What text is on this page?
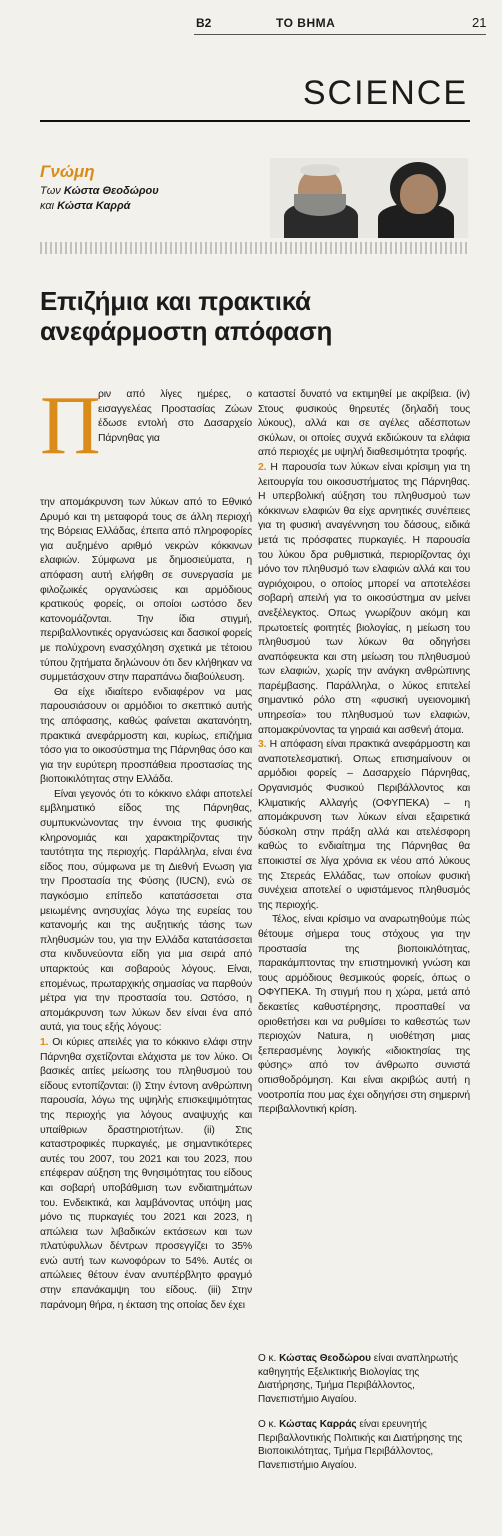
B2	ΤΟ ΒΗΜΑ	21
SCIENCE
Γνώμη
Των Κώστα Θεοδώρου
και Κώστα Καρρά
Επιζήμια και πρακτικά ανεφάρμοστη απόφαση
Π

ριν από λίγες ημέρες, ο εισαγγελέας Προστασίας Ζώων έδωσε εντολή στο Δασαρχείο Πάρνηθας για

την απομάκρυνση των λύκων από το Εθνικό Δρυμό και τη μεταφορά τους σε άλλη περιοχή της Βόρειας Ελλάδας, έπειτα από πληροφορίες για αυξημένο αριθμό νεκρών κόκκινων ελαφιών. Σύμφωνα με δημοσιεύματα, η απόφαση αυτή ελήφθη σε συνεργασία με φιλοζωικές οργανώσεις και αρμόδιους κρατικούς φορείς, οι οποίοι ωστόσο δεν κατονομάζονται. Την ίδια στιγμή, περιβαλλοντικές οργανώσεις και δασικοί φορείς με πολύχρονη ενασχόληση σχετικά με τέτοιου τύπου ζητήματα δηλώνουν ότι δεν κλήθηκαν να συμμετάσχουν στην παραπάνω διαβούλευση.

Θα είχε ιδιαίτερο ενδιαφέρον να μας παρουσιάσουν οι αρμόδιοι το σκεπτικό αυτής της απόφασης, καθώς φαίνεται ακατανόητη, πρακτικά ανεφάρμοστη και, κυρίως, επιζήμια τόσο για το οικοσύστημα της Πάρνηθας όσο και για την ευρύτερη προσπάθεια προστασίας της βιοποικιλότητας στην Ελλάδα.

Είναι γεγονός ότι το κόκκινο ελάφι αποτελεί εμβληματικό είδος της Πάρνηθας, συμπυκνώνοντας την έννοια της φυσικής κληρονομιάς και χαρακτηρίζοντας την ταυτότητα της περιοχής. Παράλληλα, είναι ένα είδος που, σύμφωνα με τη Διεθνή Ενωση για την Προστασία της Φύσης (IUCN), ενώ σε παγκόσμιο επίπεδο κατατάσσεται στα μειωμένης ανησυχίας λόγω της ευρείας του κατανομής και της αυξητικής τάσης των πληθυσμών του, για την Ελλάδα κατατάσσεται στα κινδυνεύοντα είδη για μια σειρά από υπαρκτούς και σοβαρούς λόγους. Είναι, επομένως, πρωταρχικής σημασίας να παρθούν μέτρα για την προστασία του. Ωστόσο, η απομάκρυνση των λύκων δεν είναι ένα από αυτά, για τους εξής λόγους:

1. Οι κύριες απειλές για το κόκκινο ελάφι στην Πάρνηθα σχετίζονται ελάχιστα με τον λύκο. Οι βασικές αιτίες μείωσης του πληθυσμού του είδους εντοπίζονται: (i) Στην έντονη ανθρώπινη παρουσία, λόγω της υψηλής επισκεψιμότητας της περιοχής για λόγους αναψυχής και υπαίθριων δραστηριοτήτων. (ii) Στις καταστροφικές πυρκαγιές, με σημαντικότερες αυτές του 2007, του 2021 και του 2023, που επέφεραν αύξηση της θνησιμότητας του είδους και σοβαρή υποβάθμιση των ενδιαιτημάτων του. Ενδεικτικά, και λαμβάνοντας υπόψη μας μόνο τις πυρκαγιές του 2021 και 2023, η απώλεια των λιβαδικών εκτάσεων και των πλατύφυλλων δέντρων προσεγγίζει το 35% ενώ αυτή των κωνοφόρων το 54%. Αυτές οι απώλειες θέτουν έναν ανυπέρβλητο φραγμό στην επανάκαμψη του είδους. (iii) Στην παράνομη θήρα, η έκταση της οποίας δεν έχει

καταστεί δυνατό να εκτιμηθεί με ακρίβεια. (iv) Στους φυσικούς θηρευτές (δηλαδή τους λύκους), αλλά και σε αγέλες αδέσποτων σκύλων, οι οποίες συχνά εκδιώκουν τα ελάφια από περιοχές με υψηλή διαθεσιμότητα τροφής.

2. Η παρουσία των λύκων είναι κρίσιμη για τη λειτουργία του οικοσυστήματος της Πάρνηθας. Η υπερβολική αύξηση του πληθυσμού των κόκκινων ελαφιών θα είχε αρνητικές συνέπειες για τη φυσική αναγέννηση του δάσους, ειδικά μετά τις πρόσφατες πυρκαγιές. Η παρουσία του λύκου δρα ρυθμιστικά, περιορίζοντας όχι μόνο τον πληθυσμό των ελαφιών αλλά και του αγριόχοιρου, ο οποίος μπορεί να αποτελέσει σοβαρή απειλή για το οικοσύστημα αν μείνει ανεξέλεγκτος. Οπως γνωρίζουν ακόμη και πρωτοετείς φοιτητές βιολογίας, η μείωση του πληθυσμού των λύκων θα οδηγήσει αναπόφευκτα και στη μείωση του πληθυσμού των ελαφιών, χωρίς την ανάγκη ανθρώπινης παρέμβασης. Παράλληλα, ο λύκος επιτελεί σημαντικό ρόλο στη «φυσική υγειονομική υπηρεσία» του πληθυσμού των ελαφιών, απομακρύνοντας τα γηραιά και ασθενή άτομα.

3. Η απόφαση είναι πρακτικά ανεφάρμοστη και αναποτελεσματική. Οπως επισημαίνουν οι αρμόδιοι φορείς – Δασαρχείο Πάρνηθας, Οργανισμός Φυσικού Περιβάλλοντος και Κλιματικής Αλλαγής (ΟΦΥΠΕΚΑ) – η απομάκρυνση των λύκων είναι εξαιρετικά δύσκολη στην πράξη αλλά και ατελέσφορη καθώς το ενδιαίτημα της Πάρνηθας θα εποικιστεί σε λίγα χρόνια εκ νέου από λύκους της Στερεάς Ελλάδας, των οποίων φυσική συνέχεια αποτελεί ο υφιστάμενος πληθυσμός της περιοχής.

Τέλος, είναι κρίσιμο να αναρωτηθούμε πώς θέτουμε σήμερα τους στόχους για την προστασία της βιοποικιλότητας, παρακάμπτοντας την επιστημονική γνώση και τους αρμόδιους θεσμικούς φορείς, όπως ο ΟΦΥΠΕΚΑ. Τη στιγμή που η χώρα, μετά από δεκαετίες καθυστέρησης, προσπαθεί να οριοθετήσει και να ρυθμίσει το καθεστώς των περιοχών Natura, η υιοθέτηση μιας ξεπερασμένης λογικής «ιδιοκτησίας της φύσης» από τον άνθρωπο συνιστά οπισθοδρόμηση. Και είναι ακριβώς αυτή η νοοτροπία που μας έχει οδηγήσει στη σημερινή περιβαλλοντική κρίση.

Ο κ. Κώστας Θεοδώρου είναι αναπληρωτής καθηγητής Εξελικτικής Βιολογίας της Διατήρησης, Τμήμα Περιβάλλοντος, Πανεπιστήμιο Αιγαίου.
Ο κ. Κώστας Καρράς είναι ερευνητής Περιβαλλοντικής Πολιτικής και Διατήρησης της Βιοποικιλότητας, Τμήμα Περιβάλλοντος, Πανεπιστήμιο Αιγαίου.
